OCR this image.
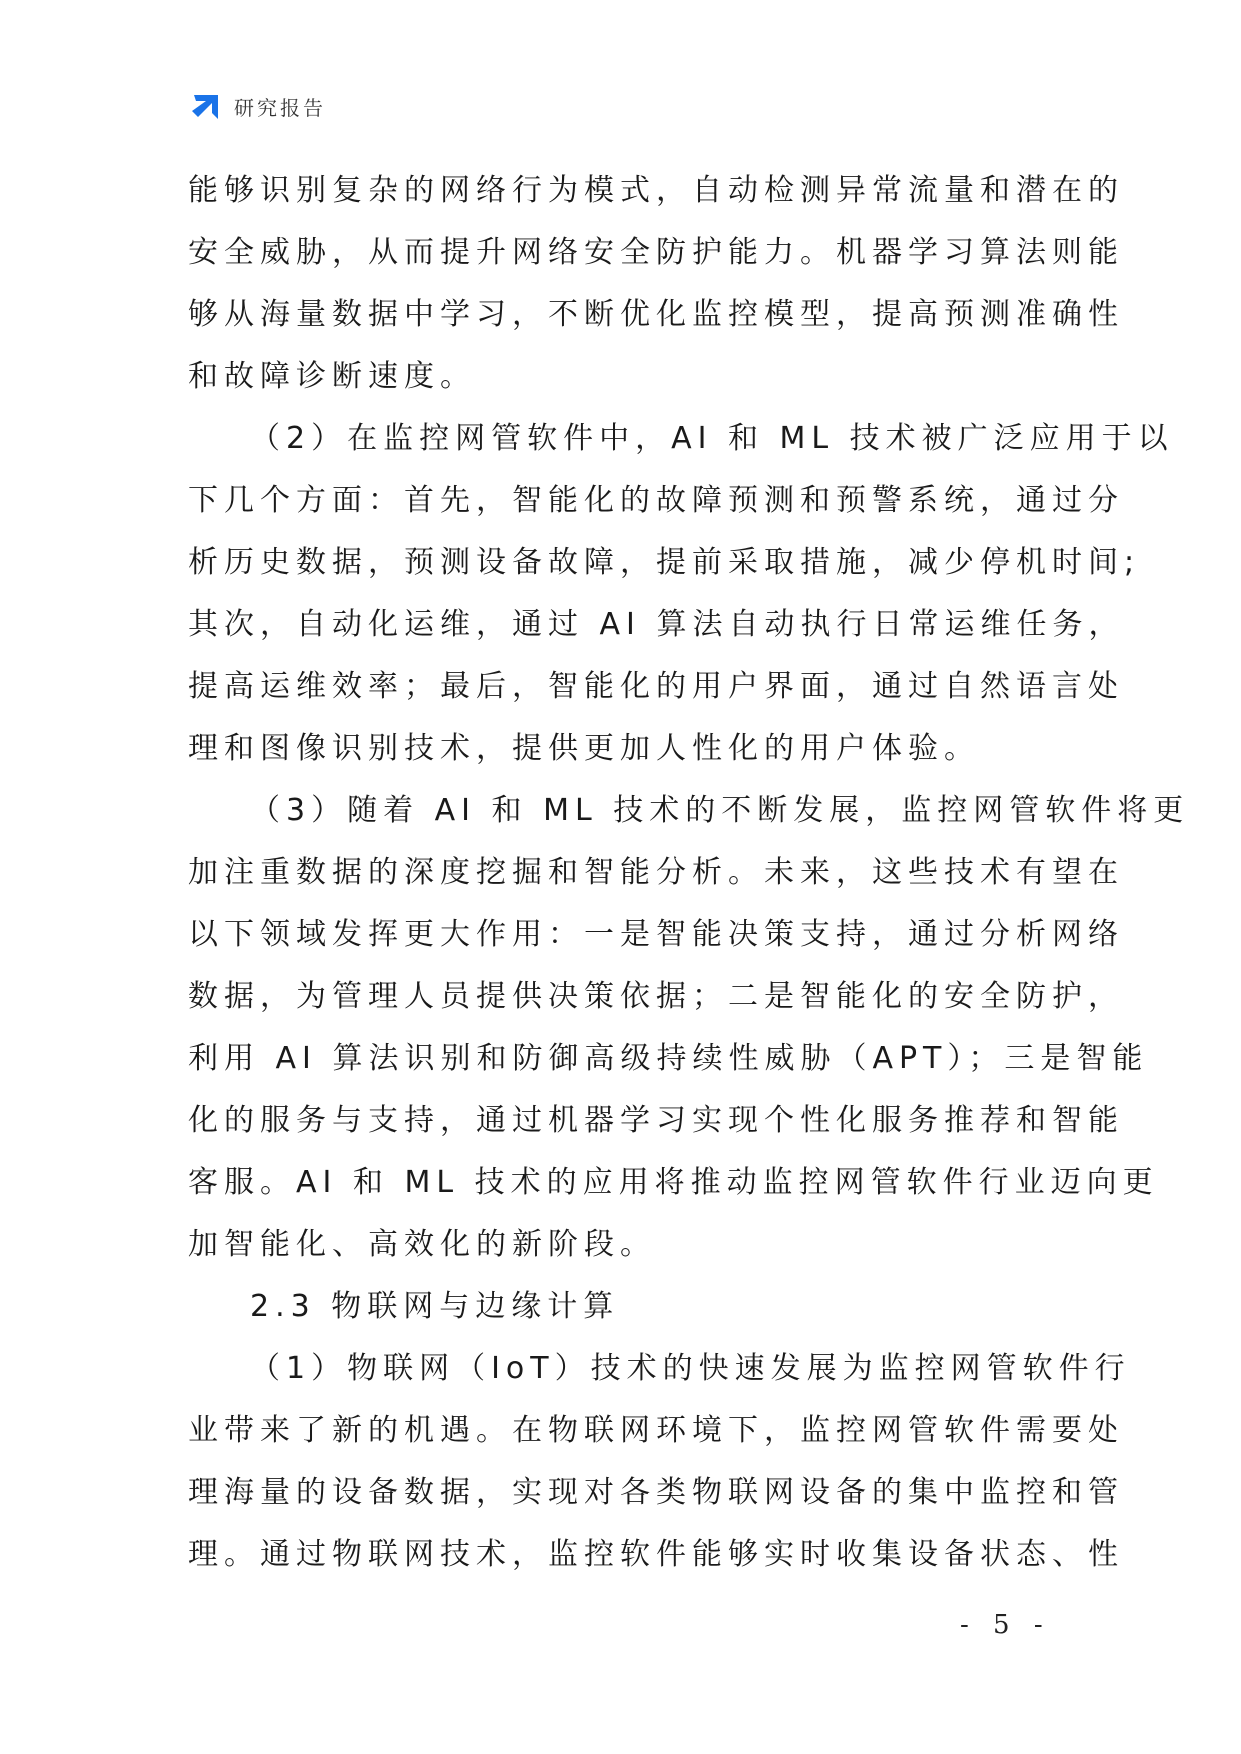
研究报告
能够识别复杂的网络行为模式，自动检测异常流量和潜在的
安全威胁，从而提升网络安全防护能力。机器学习算法则能
够从海量数据中学习，不断优化监控模型，提高预测准确性
和故障诊断速度。
（2）在监控网管软件中，AI 和 ML 技术被广泛应用于以
下几个方面：首先，智能化的故障预测和预警系统，通过分
析历史数据，预测设备故障，提前采取措施，减少停机时间;
其次，自动化运维，通过 AI 算法自动执行日常运维任务，
提高运维效率；最后，智能化的用户界面，通过自然语言处
理和图像识别技术，提供更加人性化的用户体验。
（3）随着 AI 和 ML 技术的不断发展，监控网管软件将更
加注重数据的深度挖掘和智能分析。未来，这些技术有望在
以下领域发挥更大作用：一是智能决策支持，通过分析网络
数据，为管理人员提供决策依据；二是智能化的安全防护，
利用 AI 算法识别和防御高级持续性威胁（APT）；三是智能
化的服务与支持，通过机器学习实现个性化服务推荐和智能
客服。AI 和 ML 技术的应用将推动监控网管软件行业迈向更
加智能化、高效化的新阶段。
2.3 物联网与边缘计算
（1）物联网（IoT）技术的快速发展为监控网管软件行
业带来了新的机遇。在物联网环境下，监控网管软件需要处
理海量的设备数据，实现对各类物联网设备的集中监控和管
理。通过物联网技术，监控软件能够实时收集设备状态、性
- 5 -
